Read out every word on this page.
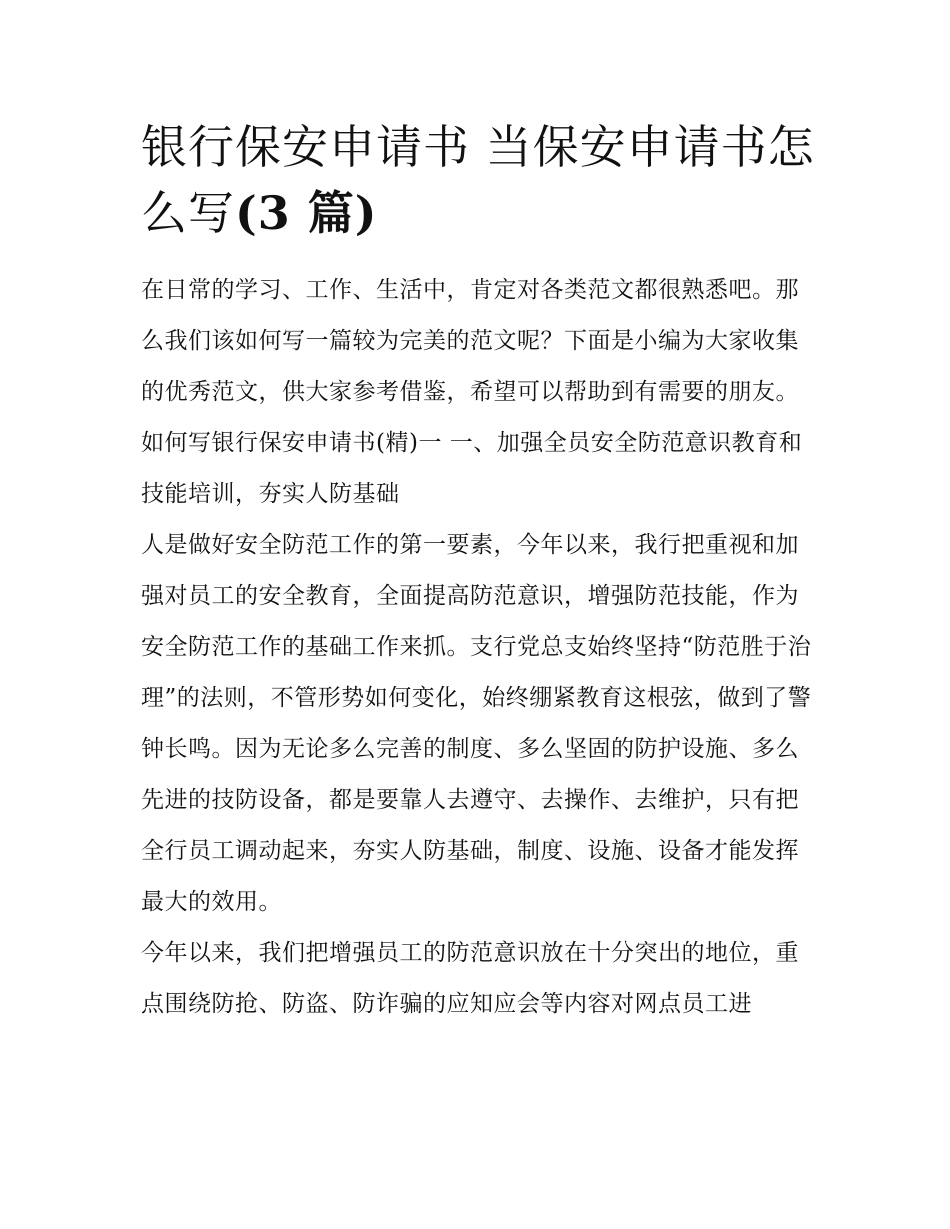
银行保安申请书 当保安申请书怎么写(3 篇)

在日常的学习、工作、生活中，肯定对各类范文都很熟悉吧。那么我们该如何写一篇较为完美的范文呢？下面是小编为大家收集的优秀范文，供大家参考借鉴，希望可以帮助到有需要的朋友。

如何写银行保安申请书(精)一 一、加强全员安全防范意识教育和技能培训，夯实人防基础

人是做好安全防范工作的第一要素，今年以来，我行把重视和加强对员工的安全教育，全面提高防范意识，增强防范技能，作为安全防范工作的基础工作来抓。支行党总支始终坚持“防范胜于治理”的法则，不管形势如何变化，始终绷紧教育这根弦，做到了警钟长鸣。因为无论多么完善的制度、多么坚固的防护设施、多么先进的技防设备，都是要靠人去遵守、去操作、去维护，只有把全行员工调动起来，夯实人防基础，制度、设施、设备才能发挥最大的效用。

今年以来，我们把增强员工的防范意识放在十分突出的地位，重点围绕防抢、防盗、防诈骗的应知应会等内容对网点员工进
